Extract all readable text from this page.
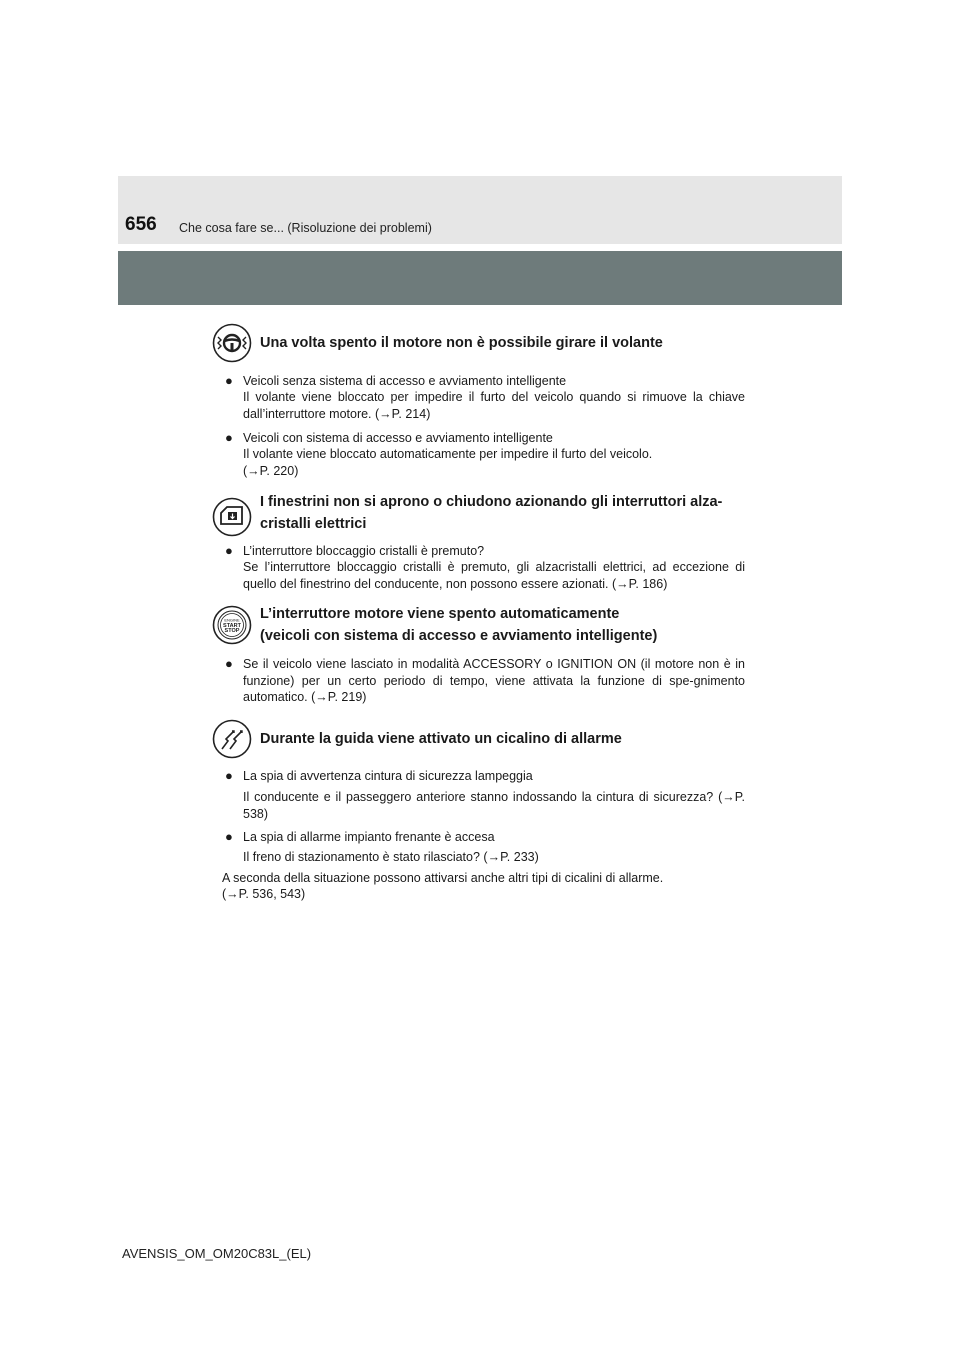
656 Che cosa fare se... (Risoluzione dei problemi)
Una volta spento il motore non è possibile girare il volante
● Veicoli senza sistema di accesso e avviamento intelligente
Il volante viene bloccato per impedire il furto del veicolo quando si rimuove la chiave dall’interruttore motore. (→P. 214)
● Veicoli con sistema di accesso e avviamento intelligente
Il volante viene bloccato automaticamente per impedire il furto del veicolo.
(→P. 220)
I finestrini non si aprono o chiudono azionando gli interruttori alza-cristalli elettrici
● L’interruttore bloccaggio cristalli è premuto?
Se l’interruttore bloccaggio cristalli è premuto, gli alzacristalli elettrici, ad eccezione di quello del finestrino del conducente, non possono essere azionati. (→P. 186)
ENGINE
START
STOP
L’interruttore motore viene spento automaticamente
(veicoli con sistema di accesso e avviamento intelligente)
● Se il veicolo viene lasciato in modalità ACCESSORY o IGNITION ON (il motore non è in funzione) per un certo periodo di tempo, viene attivata la funzione di spe-gnimento automatico. (→P. 219)
Durante la guida viene attivato un cicalino di allarme
● La spia di avvertenza cintura di sicurezza lampeggia
Il conducente e il passeggero anteriore stanno indossando la cintura di sicurezza? (→P. 538)
● La spia di allarme impianto frenante è accesa
Il freno di stazionamento è stato rilasciato? (→P. 233)
A seconda della situazione possono attivarsi anche altri tipi di cicalini di allarme.
(→P. 536, 543)
AVENSIS_OM_OM20C83L_(EL)
